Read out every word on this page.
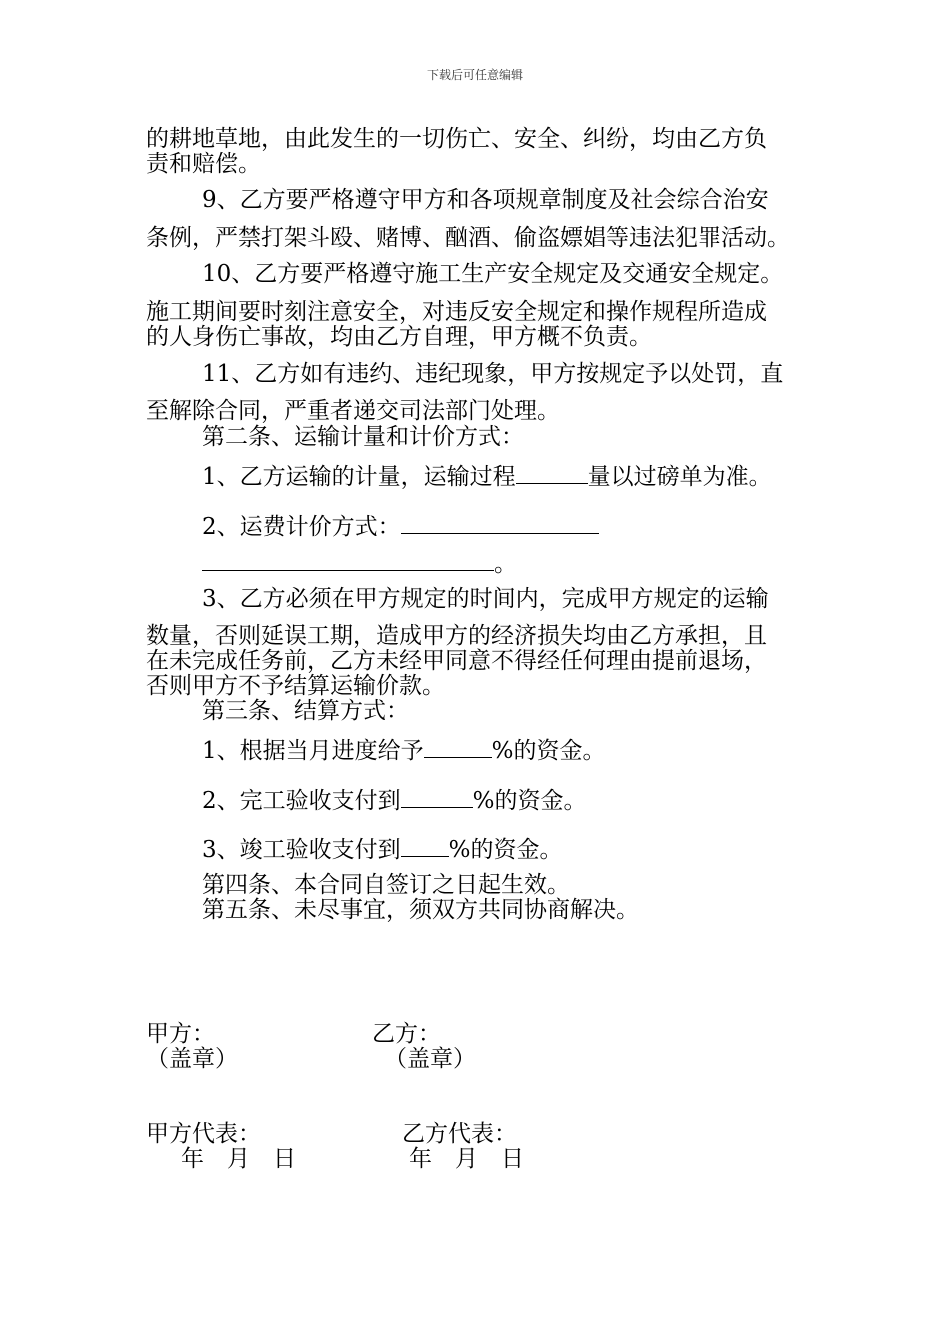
下载后可任意编辑
的耕地草地，由此发生的一切伤亡、安全、纠纷，均由乙方负
责和赔偿。
9、乙方要严格遵守甲方和各项规章制度及社会综合治安
条例，严禁打架斗殴、赌博、酗酒、偷盗嫖娼等违法犯罪活动。
10、乙方要严格遵守施工生产安全规定及交通安全规定。
施工期间要时刻注意安全，对违反安全规定和操作规程所造成
的人身伤亡事故，均由乙方自理，甲方概不负责。
11、乙方如有违约、违纪现象，甲方按规定予以处罚，直
至解除合同，严重者递交司法部门处理。
第二条、运输计量和计价方式：
1、乙方运输的计量，运输过程	量以过磅单为准。
2、运费计价方式：
。
3、乙方必须在甲方规定的时间内，完成甲方规定的运输
数量，否则延误工期，造成甲方的经济损失均由乙方承担，且
在未完成任务前，乙方未经甲同意不得经任何理由提前退场，
否则甲方不予结算运输价款。
第三条、结算方式：
1、根据当月进度给予	%的资金。
2、完工验收支付到	%的资金。
3、竣工验收支付到 %的资金。
第四条、本合同自签订之日起生效。
第五条、未尽事宜，须双方共同协商解决。
甲方：	乙方：
（盖章）	（盖章）
甲方代表：	乙方代表：
年　月　日	年　月　日
